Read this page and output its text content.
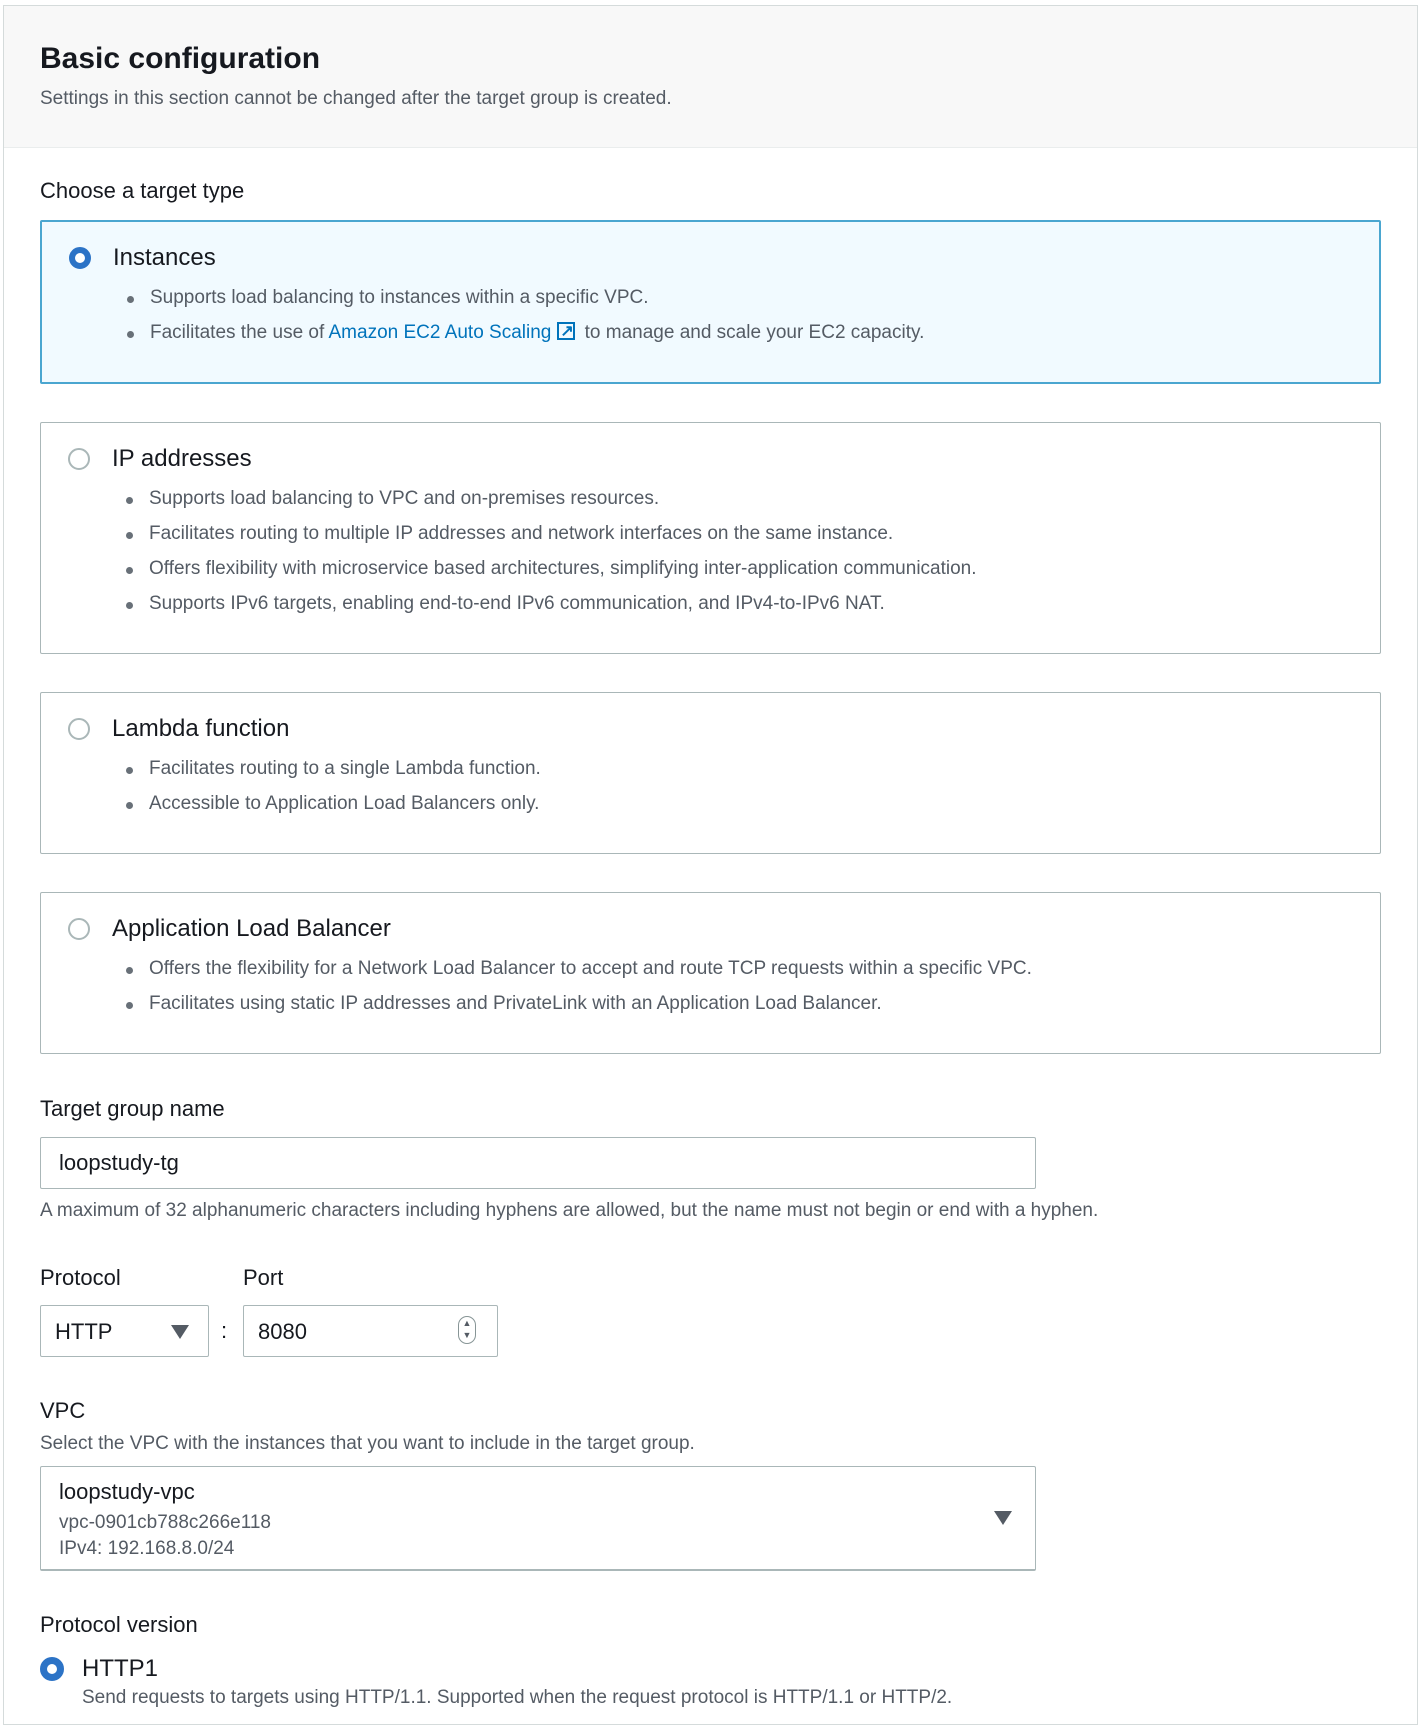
Basic configuration
Settings in this section cannot be changed after the target group is created.
Choose a target type
Instances
Supports load balancing to instances within a specific VPC.
Facilitates the use of Amazon EC2 Auto Scaling↗ to manage and scale your EC2 capacity.
IP addresses
Supports load balancing to VPC and on-premises resources.
Facilitates routing to multiple IP addresses and network interfaces on the same instance.
Offers flexibility with microservice based architectures, simplifying inter-application communication.
Supports IPv6 targets, enabling end-to-end IPv6 communication, and IPv4-to-IPv6 NAT.
Lambda function
Facilitates routing to a single Lambda function.
Accessible to Application Load Balancers only.
Application Load Balancer
Offers the flexibility for a Network Load Balancer to accept and route TCP requests within a specific VPC.
Facilitates using static IP addresses and PrivateLink with an Application Load Balancer.
Target group name
loopstudy-tg
A maximum of 32 alphanumeric characters including hyphens are allowed, but the name must not begin or end with a hyphen.
Protocol	Port
HTTP	: 8080	▲
▼
VPC
Select the VPC with the instances that you want to include in the target group.
loopstudy-vpc
vpc-0901cb788c266e118
IPv4: 192.168.8.0/24
Protocol version
HTTP1
Send requests to targets using HTTP/1.1. Supported when the request protocol is HTTP/1.1 or HTTP/2.
